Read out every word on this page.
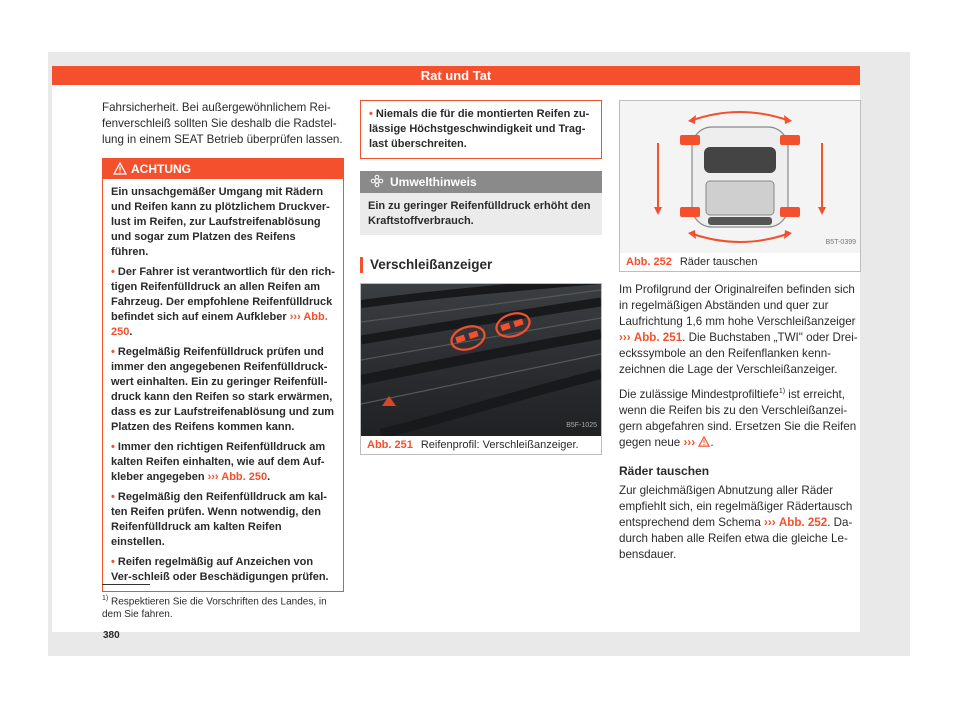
Rat und Tat

Fahrsicherheit. Bei außergewöhnlichem Rei-fenverschleiß sollten Sie deshalb die Radstel-lung in einem SEAT Betrieb überprüfen lassen.

ACHTUNG

Ein unsachgemäßer Umgang mit Rädern und Reifen kann zu plötzlichem Druckver-lust im Reifen, zur Laufstreifenablösung und sogar zum Platzen des Reifens führen.

• Der Fahrer ist verantwortlich für den rich-tigen Reifenfülldruck an allen Reifen am Fahrzeug. Der empfohlene Reifenfülldruck befindet sich auf einem Aufkleber ››› Abb. 250.

• Regelmäßig Reifenfülldruck prüfen und immer den angegebenen Reifenfülldruck-wert einhalten. Ein zu geringer Reifenfüll-druck kann den Reifen so stark erwärmen, dass es zur Laufstreifenablösung und zum Platzen des Reifens kommen kann.

• Immer den richtigen Reifenfülldruck am kalten Reifen einhalten, wie auf dem Auf-kleber angegeben ››› Abb. 250.

• Regelmäßig den Reifenfülldruck am kal-ten Reifen prüfen. Wenn notwendig, den Reifenfülldruck am kalten Reifen einstellen.

• Reifen regelmäßig auf Anzeichen von Ver-schleiß oder Beschädigungen prüfen.

• Niemals die für die montierten Reifen zu-lässige Höchstgeschwindigkeit und Trag-last überschreiten.

Umwelthinweis
Ein zu geringer Reifenfülldruck erhöht den Kraftstoffverbrauch.
Verschleißanzeiger
B5F-1025
Abb. 251 Reifenprofil: Verschleißanzeiger.
B5T-0399
Abb. 252 Räder tauschen

Im Profilgrund der Originalreifen befinden sich in regelmäßigen Abständen und quer zur Laufrichtung 1,6 mm hohe Verschleißanzeiger ››› Abb. 251. Die Buchstaben „TWI" oder Drei-eckssymbole an den Reifenflanken kenn-zeichnen die Lage der Verschleißanzeiger.

Die zulässige Mindestprofiltiefe$^{1)}$ ist erreicht, wenn die Reifen bis zu den Verschleißanzei-gern abgefahren sind. Ersetzen Sie die Reifen gegen neue ››› .

Räder tauschen

Zur gleichmäßigen Abnutzung aller Räder empfiehlt sich, ein regelmäßiger Rädertausch entsprechend dem Schema ››› Abb. 252. Da-durch haben alle Reifen etwa die gleiche Le-bensdauer.

$^{1)}$ Respektieren Sie die Vorschriften des Landes, in dem Sie fahren.
380
